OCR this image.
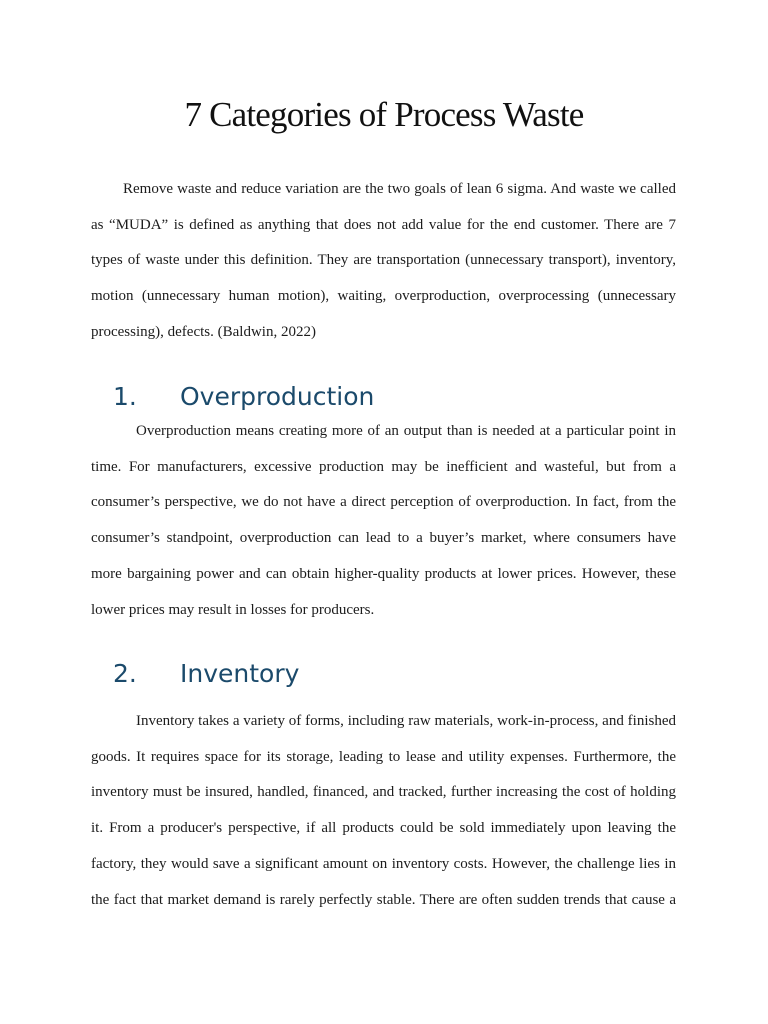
7 Categories of Process Waste

Remove waste and reduce variation are the two goals of lean 6 sigma. And waste we called
as “MUDA” is defined as anything that does not add value for the end customer. There are 7
types of waste under this definition. They are transportation (unnecessary transport), inventory,
motion (unnecessary human motion), waiting, overproduction, overprocessing (unnecessary
processing), defects. (Baldwin, 2022)

1. Overproduction

Overproduction means creating more of an output than is needed at a particular point in
time. For manufacturers, excessive production may be inefficient and wasteful, but from a
consumer’s perspective, we do not have a direct perception of overproduction. In fact, from the
consumer’s standpoint, overproduction can lead to a buyer’s market, where consumers have
more bargaining power and can obtain higher-quality products at lower prices. However, these
lower prices may result in losses for producers.

2. Inventory

Inventory takes a variety of forms, including raw materials, work-in-process, and finished
goods. It requires space for its storage, leading to lease and utility expenses. Furthermore, the
inventory must be insured, handled, financed, and tracked, further increasing the cost of holding
it. From a producer's perspective, if all products could be sold immediately upon leaving the
factory, they would save a significant amount on inventory costs. However, the challenge lies in
the fact that market demand is rarely perfectly stable. There are often sudden trends that cause a
